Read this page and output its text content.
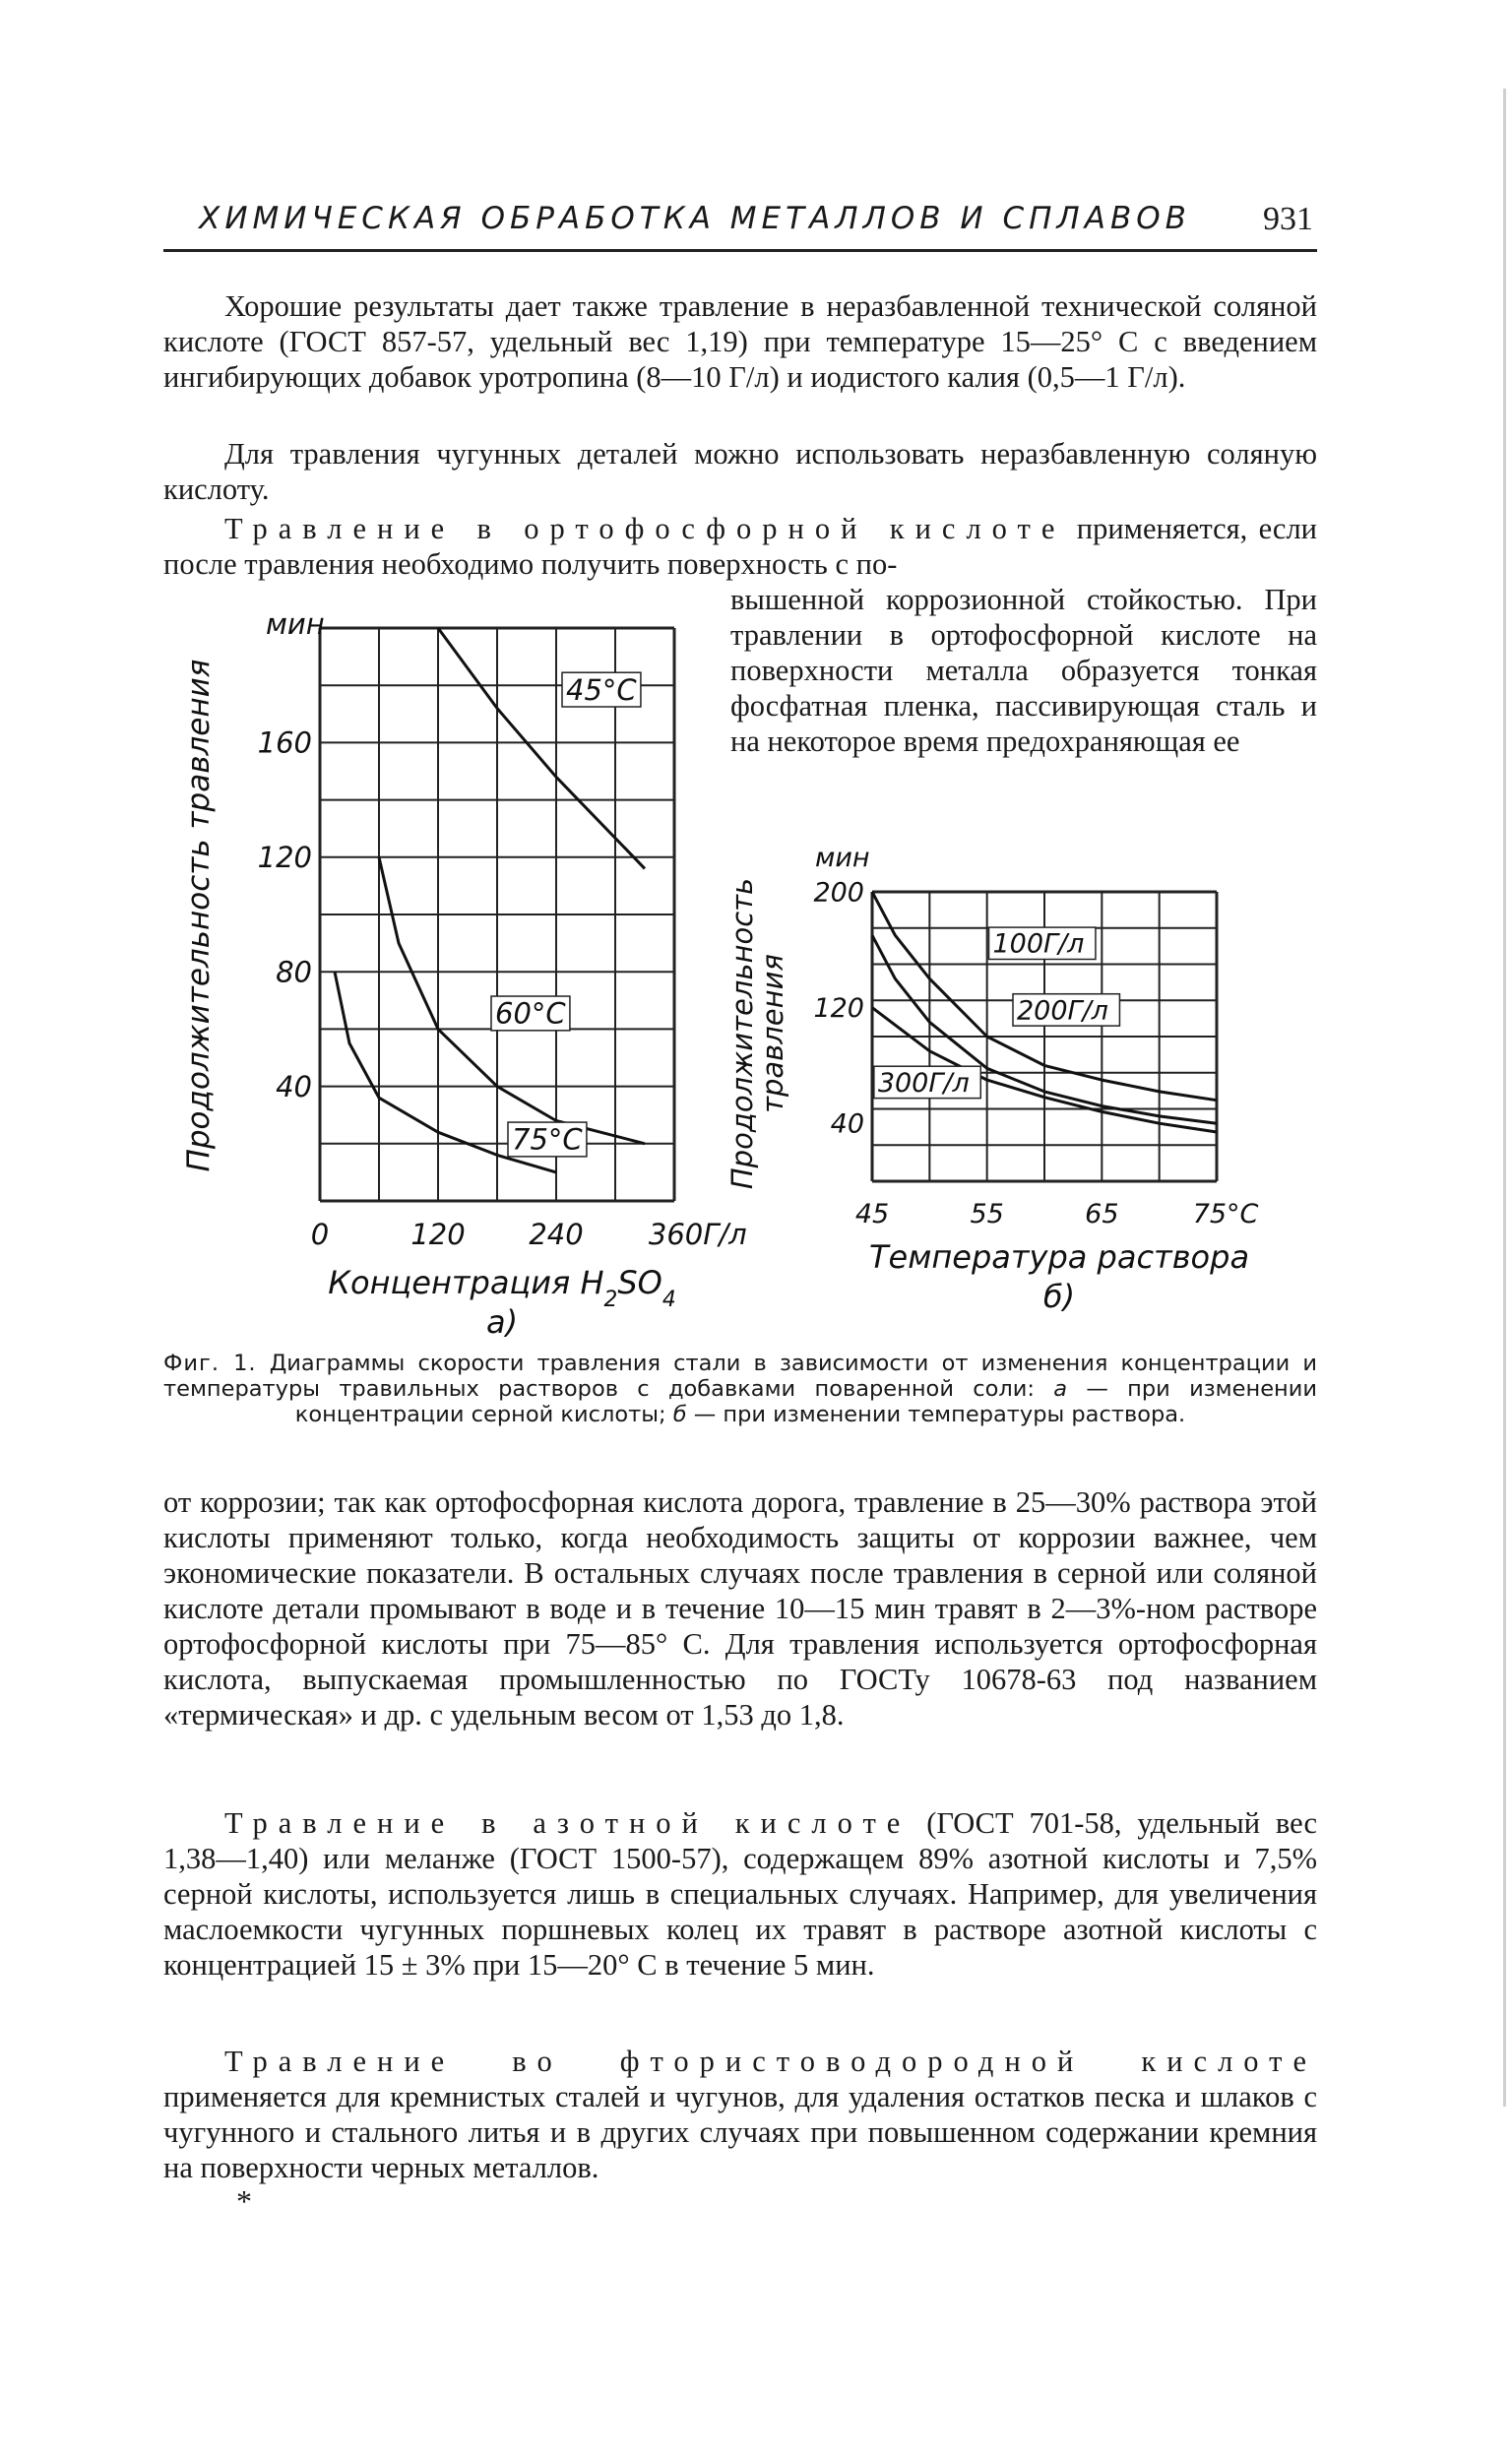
ХИМИЧЕСКАЯ ОБРАБОТКА МЕТАЛЛОВ И СПЛАВОВ	931
Хорошие результаты дает также травление в неразбавленной технической соляной кислоте (ГОСТ 857-57, удельный вес 1,19) при температуре 15—25° С с введением ингибирующих добавок уротропина (8—10 Г/л) и иодистого калия (0,5—1 Г/л).
Для травления чугунных деталей можно использовать неразбавленную соляную кислоту.
Травление в ортофосфорной кислоте применяется, если после травления необходимо получить поверхность с по-
вышенной коррозионной стойкостью. При травлении в ортофосфорной кислоте на поверхности металла образуется тонкая фосфатная пленка, пассивирующая сталь и на некоторое время предохраняющая ее
0	120 240 360Г/л
40
80
120
160
мин
Продолжительность травления
Концентрация $H_2SO_4$
а)
45°С
60°С
75°С
45	55	65	75°С
40
120
200
мин
Продолжительность
травления
Температура раствора
б)
100Г/л
200Г/л
300Г/л
Фиг. 1. Диаграммы скорости травления стали в зависимости от изменения концентрации и температуры травильных растворов с добавками поваренной соли: а — при изменении концентрации серной кислоты; б — при изменении температуры раствора.
от коррозии; так как ортофосфорная кислота дорога, травление в 25—30% раствора этой кислоты применяют только, когда необходимость защиты от коррозии важнее, чем экономические показатели. В остальных случаях после травления в серной или соляной кислоте детали промывают в воде и в течение 10—15 мин травят в 2—3%-ном растворе ортофосфорной кислоты при 75—85° С. Для травления используется ортофосфорная кислота, выпускаемая промышленностью по ГОСТу 10678-63 под названием «термическая» и др. с удельным весом от 1,53 до 1,8.
Травление в азотной кислоте (ГОСТ 701-58, удельный вес 1,38—1,40) или меланже (ГОСТ 1500-57), содержащем 89% азотной кислоты и 7,5% серной кислоты, используется лишь в специальных случаях. Например, для увеличения маслоемкости чугунных поршневых колец их травят в растворе азотной кислоты с концентрацией 15 ± 3% при 15—20° С в течение 5 мин.
Травление во фтористоводородной кислоте применяется для кремнистых сталей и чугунов, для удаления остатков песка и шлаков с чугунного и стального литья и в других случаях при повышенном содержании кремния на поверхности черных металлов.
*
